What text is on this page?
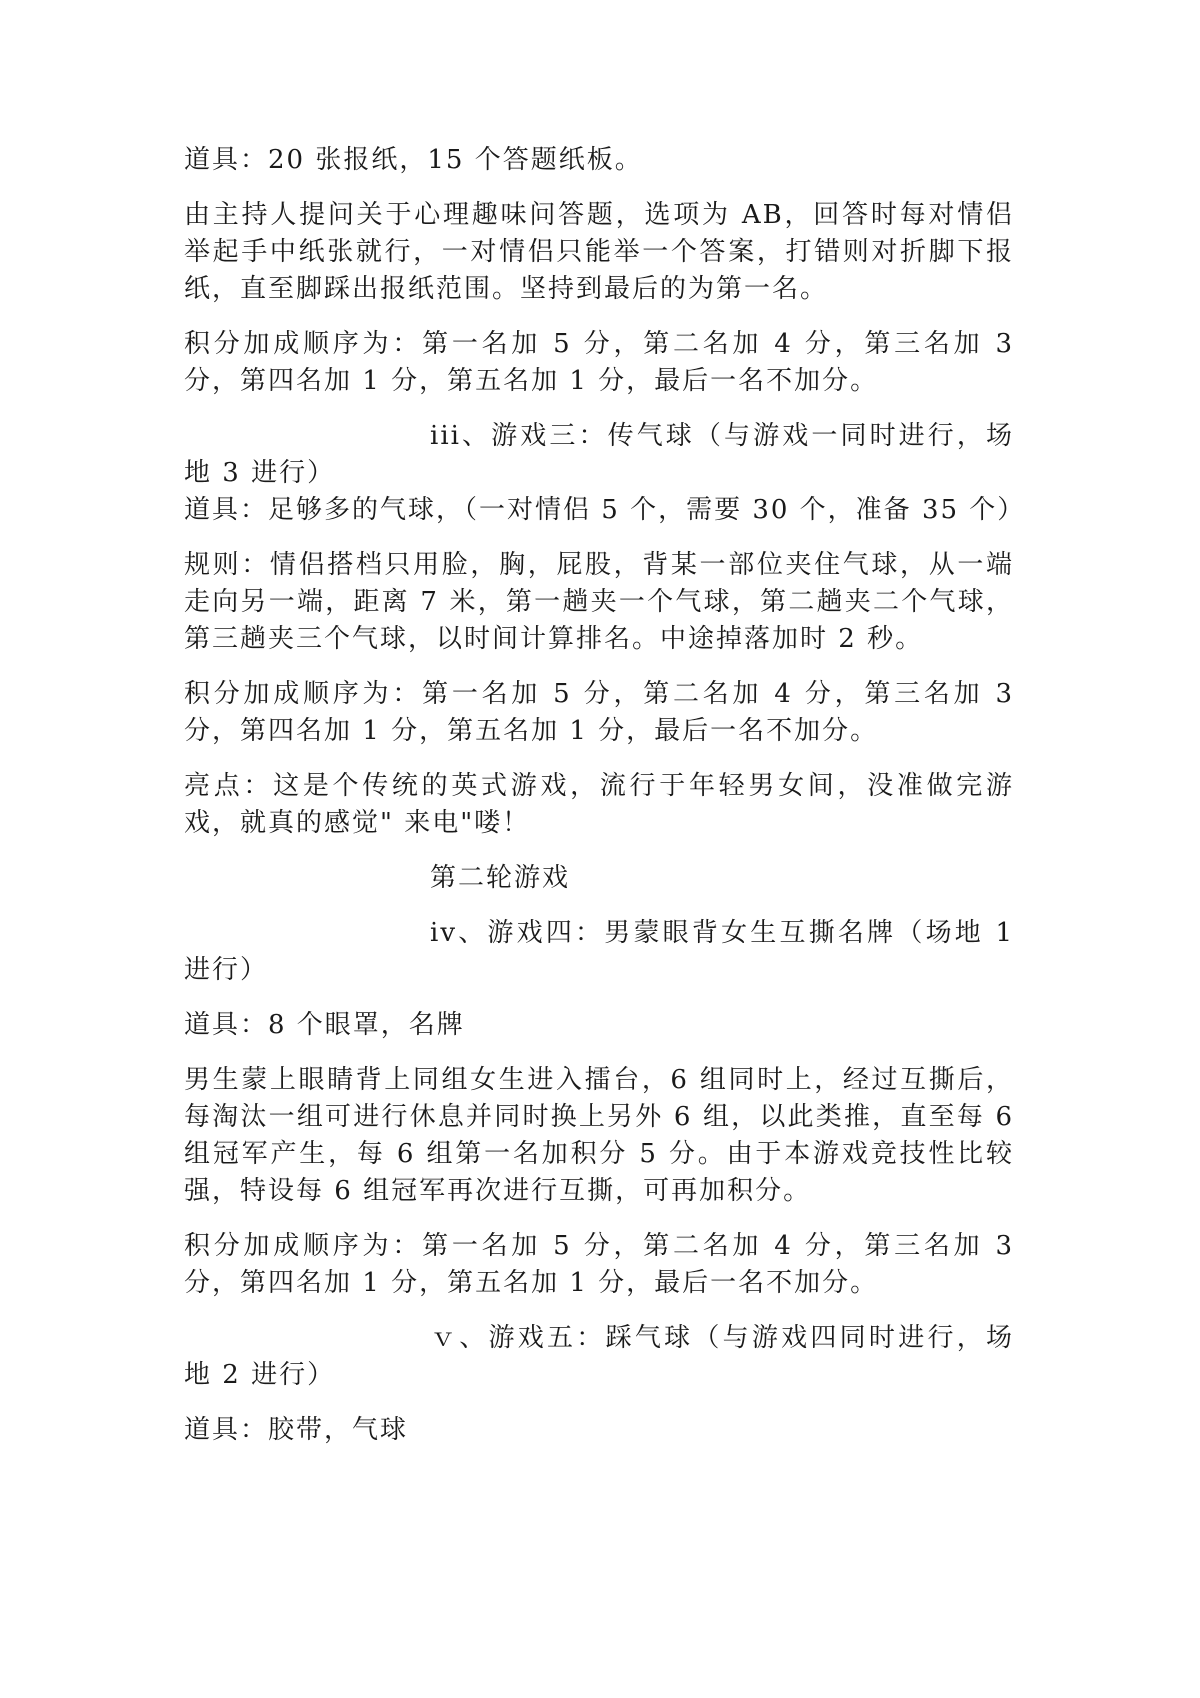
道具：20 张报纸，15 个答题纸板。

由主持人提问关于心理趣味问答题，选项为 AB，回答时每对情侣举起手中纸张就行，一对情侣只能举一个答案，打错则对折脚下报纸，直至脚踩出报纸范围。坚持到最后的为第一名。

积分加成顺序为：第一名加 5 分，第二名加 4 分，第三名加 3 分，第四名加 1 分，第五名加 1 分，最后一名不加分。

iii、游戏三：传气球（与游戏一同时进行，场地 3 进行）

道具：足够多的气球，（一对情侣 5 个，需要 30 个，准备 35 个）

规则：情侣搭档只用脸，胸，屁股，背某一部位夹住气球，从一端走向另一端，距离 7 米，第一趟夹一个气球，第二趟夹二个气球，第三趟夹三个气球，以时间计算排名。中途掉落加时 2 秒。

积分加成顺序为：第一名加 5 分，第二名加 4 分，第三名加 3 分，第四名加 1 分，第五名加 1 分，最后一名不加分。

亮点：这是个传统的英式游戏，流行于年轻男女间，没准做完游戏，就真的感觉" 来电"喽！

第二轮游戏

iv、游戏四：男蒙眼背女生互撕名牌（场地 1 进行）

道具：8 个眼罩，名牌

男生蒙上眼睛背上同组女生进入擂台，6 组同时上，经过互撕后，每淘汰一组可进行休息并同时换上另外 6 组，以此类推，直至每 6 组冠军产生，每 6 组第一名加积分 5 分。由于本游戏竞技性比较强，特设每 6 组冠军再次进行互撕，可再加积分。

积分加成顺序为：第一名加 5 分，第二名加 4 分，第三名加 3 分，第四名加 1 分，第五名加 1 分，最后一名不加分。

ｖ、游戏五：踩气球（与游戏四同时进行，场地 2 进行）

道具：胶带，气球
